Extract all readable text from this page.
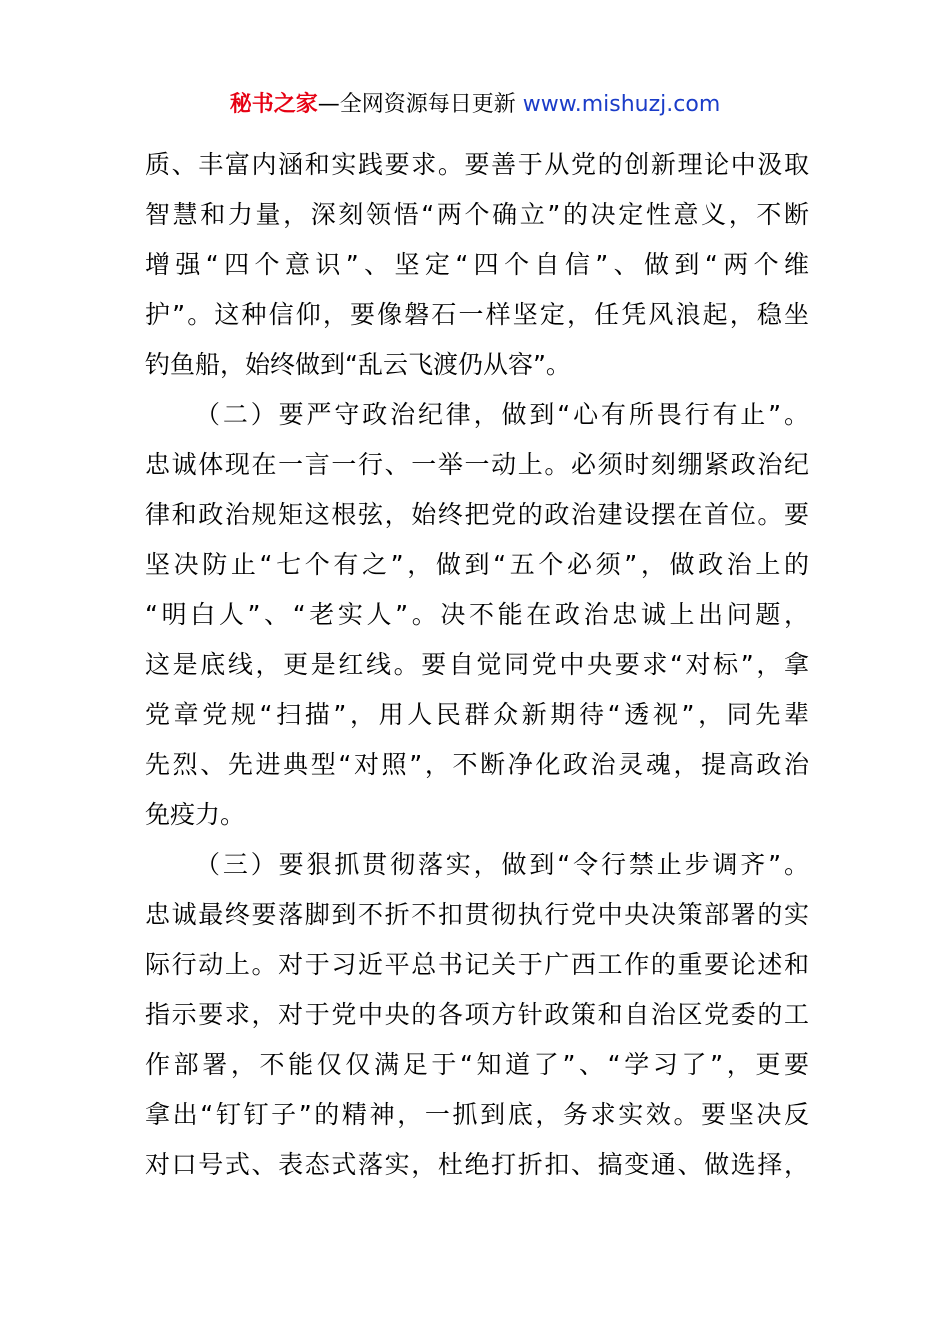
秘书之家—全网资源每日更新 www.mishuzj.com
质、丰富内涵和实践要求。要善于从党的创新理论中汲取
智慧和力量，深刻领悟“两个确立”的决定性意义，不断
增强“四个意识”、坚定“四个自信”、做到“两个维
护”。这种信仰，要像磐石一样坚定，任凭风浪起，稳坐
钓鱼船，始终做到“乱云飞渡仍从容”。
（二）要严守政治纪律，做到“心有所畏行有止”。
忠诚体现在一言一行、一举一动上。必须时刻绷紧政治纪
律和政治规矩这根弦，始终把党的政治建设摆在首位。要
坚决防止“七个有之”，做到“五个必须”，做政治上的
“明白人”、“老实人”。决不能在政治忠诚上出问题，
这是底线，更是红线。要自觉同党中央要求“对标”，拿
党章党规“扫描”，用人民群众新期待“透视”，同先辈
先烈、先进典型“对照”，不断净化政治灵魂，提高政治
免疫力。
（三）要狠抓贯彻落实，做到“令行禁止步调齐”。
忠诚最终要落脚到不折不扣贯彻执行党中央决策部署的实
际行动上。对于习近平总书记关于广西工作的重要论述和
指示要求，对于党中央的各项方针政策和自治区党委的工
作部署，不能仅仅满足于“知道了”、“学习了”，更要
拿出“钉钉子”的精神，一抓到底，务求实效。要坚决反
对口号式、表态式落实，杜绝打折扣、搞变通、做选择，
